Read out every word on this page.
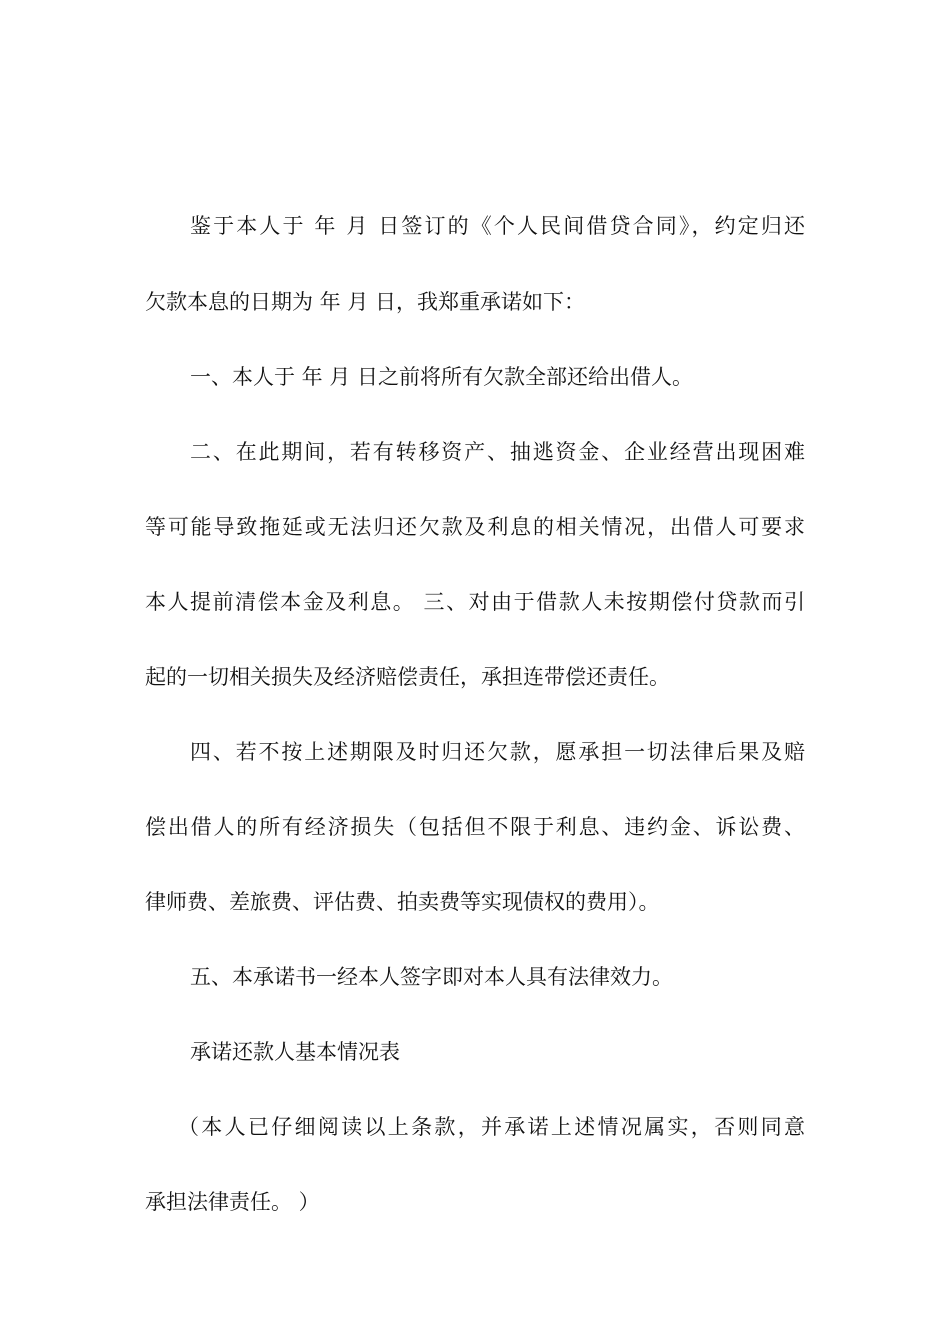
鉴于本人于 年 月 日签订的《个人民间借贷合同》，约定归还
欠款本息的日期为 年 月 日，我郑重承诺如下：
一、本人于 年 月 日之前将所有欠款全部还给出借人。
二、在此期间，若有转移资产、抽逃资金、企业经营出现困难
等可能导致拖延或无法归还欠款及利息的相关情况，出借人可要求
本人提前清偿本金及利息。 三、对由于借款人未按期偿付贷款而引
起的一切相关损失及经济赔偿责任，承担连带偿还责任。
四、若不按上述期限及时归还欠款，愿承担一切法律后果及赔
偿出借人的所有经济损失（包括但不限于利息、违约金、诉讼费、
律师费、差旅费、评估费、拍卖费等实现债权的费用）。
五、本承诺书一经本人签字即对本人具有法律效力。
承诺还款人基本情况表
（本人已仔细阅读以上条款，并承诺上述情况属实，否则同意
承担法律责任。 ）
